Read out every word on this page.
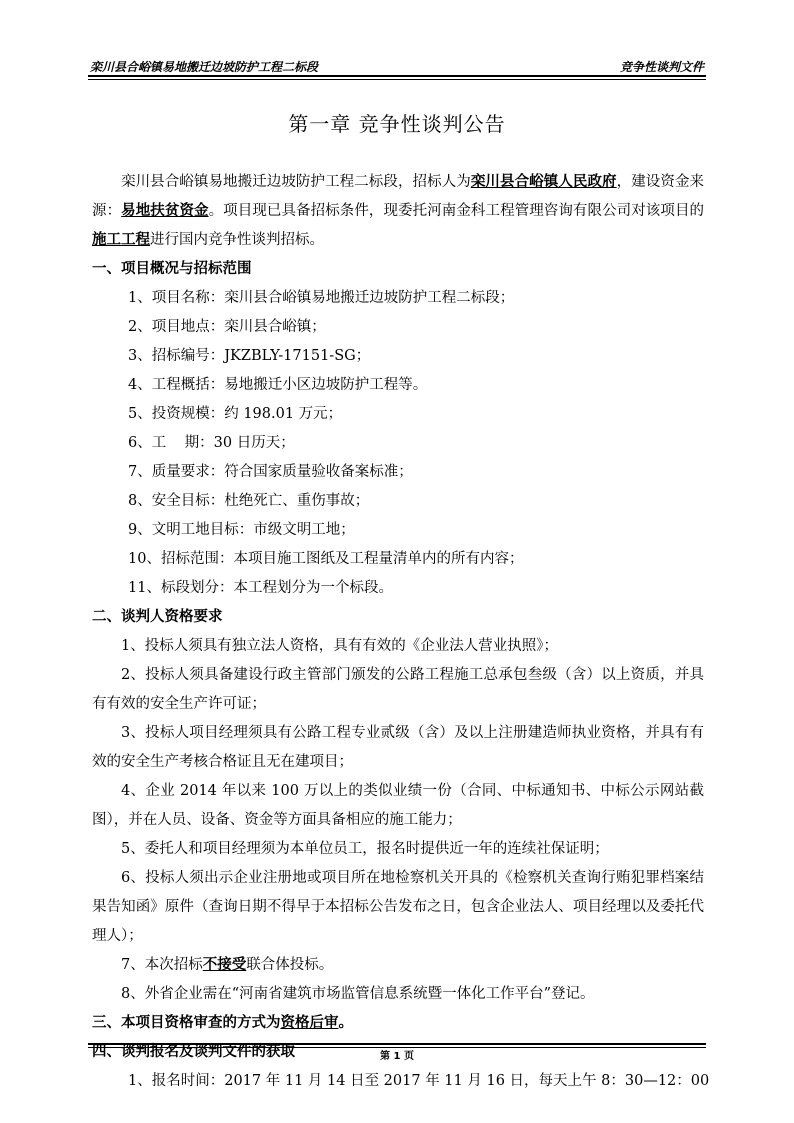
栾川县合峪镇易地搬迁边坡防护工程二标段	竞争性谈判文件
第一章 竞争性谈判公告

栾川县合峪镇易地搬迁边坡防护工程二标段，招标人为栾川县合峪镇人民政府，建设资金来源：易地扶贫资金。项目现已具备招标条件，现委托河南金科工程管理咨询有限公司对该项目的施工工程进行国内竞争性谈判招标。

一、项目概况与招标范围

1、项目名称：栾川县合峪镇易地搬迁边坡防护工程二标段；

2、项目地点：栾川县合峪镇；

3、招标编号：JKZBLY-17151-SG；

4、工程概括：易地搬迁小区边坡防护工程等。

5、投资规模：约 198.01 万元；

6、工    期：30 日历天；

7、质量要求：符合国家质量验收备案标准；

8、安全目标：杜绝死亡、重伤事故；

9、文明工地目标：市级文明工地；

10、招标范围：本项目施工图纸及工程量清单内的所有内容；

11、标段划分：本工程划分为一个标段。

二、谈判人资格要求

1、投标人须具有独立法人资格，具有有效的《企业法人营业执照》；

2、投标人须具备建设行政主管部门颁发的公路工程施工总承包叁级（含）以上资质，并具有有效的安全生产许可证；

3、投标人项目经理须具有公路工程专业贰级（含）及以上注册建造师执业资格，并具有有效的安全生产考核合格证且无在建项目；

4、企业 2014 年以来 100 万以上的类似业绩一份（合同、中标通知书、中标公示网站截图），并在人员、设备、资金等方面具备相应的施工能力；

5、委托人和项目经理须为本单位员工，报名时提供近一年的连续社保证明；

6、投标人须出示企业注册地或项目所在地检察机关开具的《检察机关查询行贿犯罪档案结果告知函》原件（查询日期不得早于本招标公告发布之日，包含企业法人、项目经理以及委托代理人）；

7、本次招标不接受联合体投标。

8、外省企业需在“河南省建筑市场监管信息系统暨一体化工作平台”登记。

三、本项目资格审查的方式为资格后审。

四、谈判报名及谈判文件的获取

1、报名时间：2017 年 11 月 14 日至 2017 年 11 月 16 日，每天上午 8：30—12：00

第 1 页
